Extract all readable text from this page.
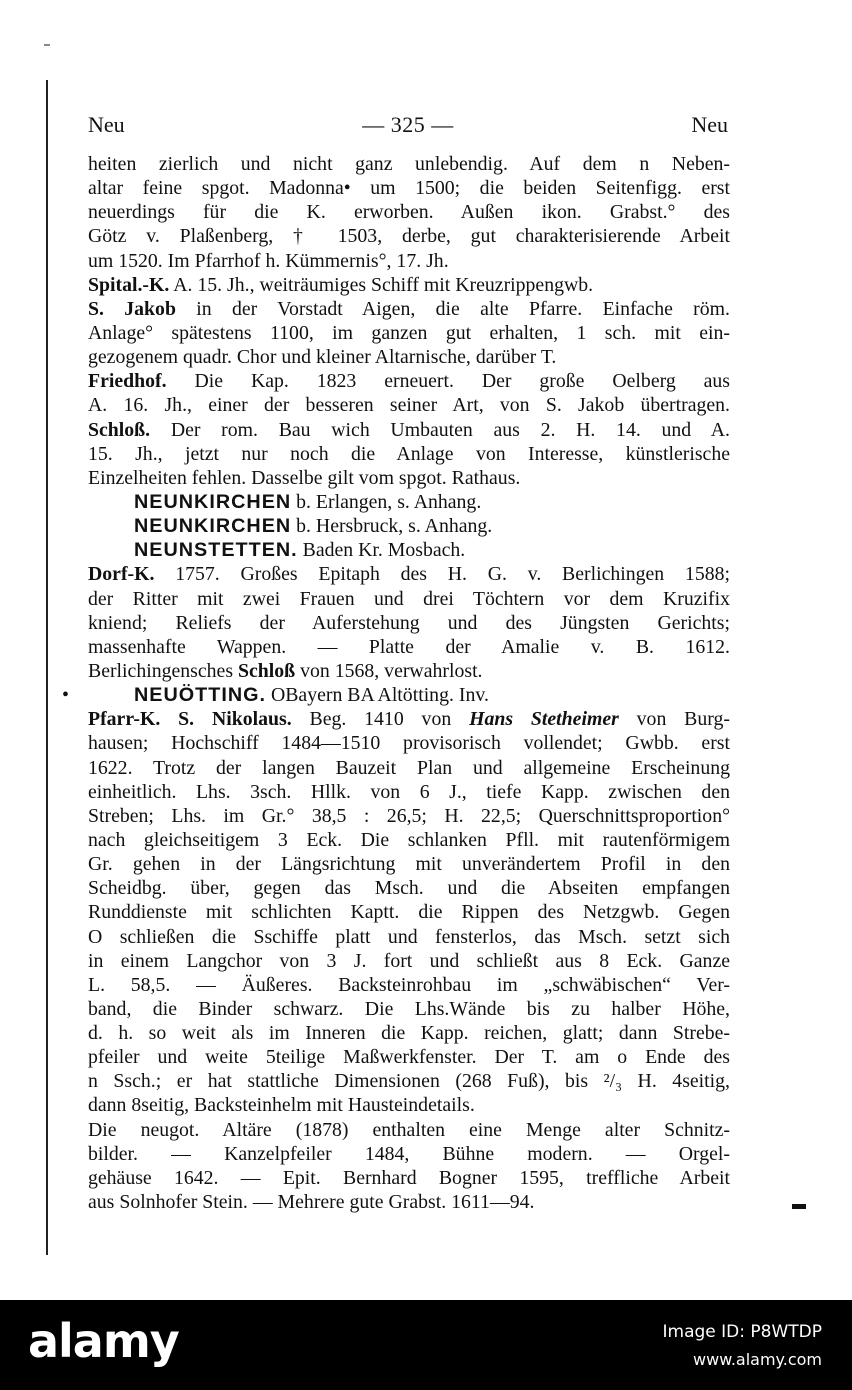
Neu	— 325 —	Neu
heiten zierlich und nicht ganz unlebendig. Auf dem n Neben-
altar feine spgot. Madonna• um 1500; die beiden Seitenfigg. erst
neuerdings für die K. erworben. Außen ikon. Grabst.° des
Götz v. Plaßenberg, † 1503, derbe, gut charakterisierende Arbeit
um 1520. Im Pfarrhof h. Kümmernis°, 17. Jh.
Spital.-K. A. 15. Jh., weiträumiges Schiff mit Kreuzrippengwb.
S. Jakob in der Vorstadt Aigen, die alte Pfarre. Einfache röm.
Anlage° spätestens 1100, im ganzen gut erhalten, 1 sch. mit ein-
gezogenem quadr. Chor und kleiner Altarnische, darüber T.
Friedhof. Die Kap. 1823 erneuert. Der große Oelberg aus
A. 16. Jh., einer der besseren seiner Art, von S. Jakob übertragen.
Schloß. Der rom. Bau wich Umbauten aus 2. H. 14. und A.
15. Jh., jetzt nur noch die Anlage von Interesse, künstlerische
Einzelheiten fehlen. Dasselbe gilt vom spgot. Rathaus.
NEUNKIRCHEN b. Erlangen, s. Anhang.
NEUNKIRCHEN b. Hersbruck, s. Anhang.
NEUNSTETTEN. Baden Kr. Mosbach.
Dorf-K. 1757. Großes Epitaph des H. G. v. Berlichingen 1588;
der Ritter mit zwei Frauen und drei Töchtern vor dem Kruzifix
kniend; Reliefs der Auferstehung und des Jüngsten Gerichts;
massenhafte Wappen. — Platte der Amalie v. B. 1612.
Berlichingensches Schloß von 1568, verwahrlost.
•	NEUÖTTING. OBayern BA Altötting. Inv.
Pfarr-K. S. Nikolaus. Beg. 1410 von Hans Stetheimer von Burg-
hausen; Hochschiff 1484—1510 provisorisch vollendet; Gwbb. erst
1622. Trotz der langen Bauzeit Plan und allgemeine Erscheinung
einheitlich. Lhs. 3sch. Hllk. von 6 J., tiefe Kapp. zwischen den
Streben; Lhs. im Gr.° 38,5 : 26,5; H. 22,5; Querschnittsproportion°
nach gleichseitigem 3 Eck. Die schlanken Pfll. mit rautenförmigem
Gr. gehen in der Längsrichtung mit unverändertem Profil in den
Scheidbg. über, gegen das Msch. und die Abseiten empfangen
Runddienste mit schlichten Kaptt. die Rippen des Netzgwb. Gegen
O schließen die Sschiffe platt und fensterlos, das Msch. setzt sich
in einem Langchor von 3 J. fort und schließt aus 8 Eck. Ganze
L. 58,5. — Äußeres. Backsteinrohbau im „schwäbischen“ Ver-
band, die Binder schwarz. Die Lhs.Wände bis zu halber Höhe,
d. h. so weit als im Inneren die Kapp. reichen, glatt; dann Strebe-
pfeiler und weite 5teilige Maßwerkfenster. Der T. am o Ende des
n Ssch.; er hat stattliche Dimensionen (268 Fuß), bis ²/₃ H. 4seitig,
dann 8seitig, Backsteinhelm mit Hausteindetails.
Die neugot. Altäre (1878) enthalten eine Menge alter Schnitz-
bilder. — Kanzelpfeiler 1484, Bühne modern. — Orgel-
gehäuse 1642. — Epit. Bernhard Bogner 1595, treffliche Arbeit
aus Solnhofer Stein. — Mehrere gute Grabst. 1611—94.
alamy	Image ID: P8WTDP
www.alamy.com
